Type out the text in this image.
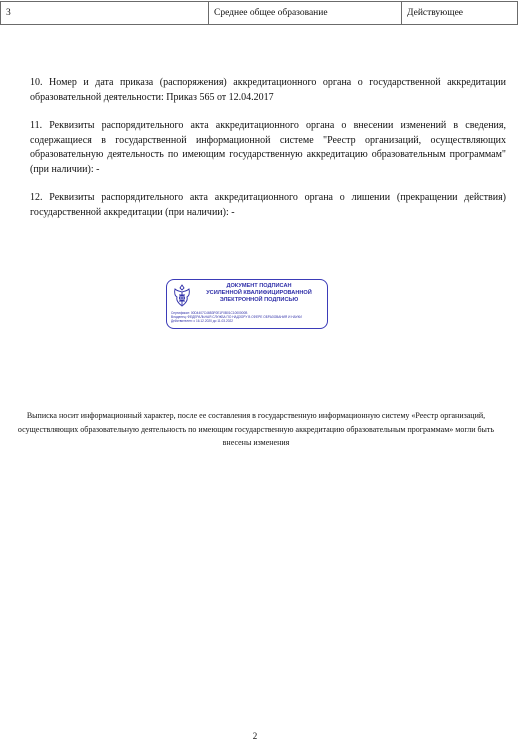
3	Среднее общее образование	Действующее
10. Номер и дата приказа (распоряжения) аккредитационного органа о государственной аккредитации образовательной деятельности: Приказ 565 от 12.04.2017
11. Реквизиты распорядительного акта аккредитационного органа о внесении изменений в сведения, содержащиеся в государственной информационной системе "Реестр организаций, осуществляющих образовательную деятельность по имеющим государственную аккредитацию образовательным программам" (при наличии): -
12. Реквизиты распорядительного акта аккредитационного органа о лишении (прекращении действия) государственной аккредитации (при наличии): -
ДОКУМЕНТ ПОДПИСАН
УСИЛЕННОЙ КВАЛИФИЦИРОВАННОЙ
ЭЛЕКТРОННОЙ ПОДПИСЬЮ
Сертификат: 00D4407C46B3F0E1F0B01C1000000B
Владелец: ФЕДЕРАЛЬНАЯ СЛУЖБА ПО НАДЗОРУ В СФЕРЕ ОБРАЗОВАНИЯ И НАУКИ
Действителен: с 16.12.2020 до 11.03.2022
Выписка носит информационный характер, после ее составления в государственную информационную систему «Реестр организаций, осуществляющих образовательную деятельность по имеющим государственную аккредитацию образовательным программам» могли быть внесены изменения
2
